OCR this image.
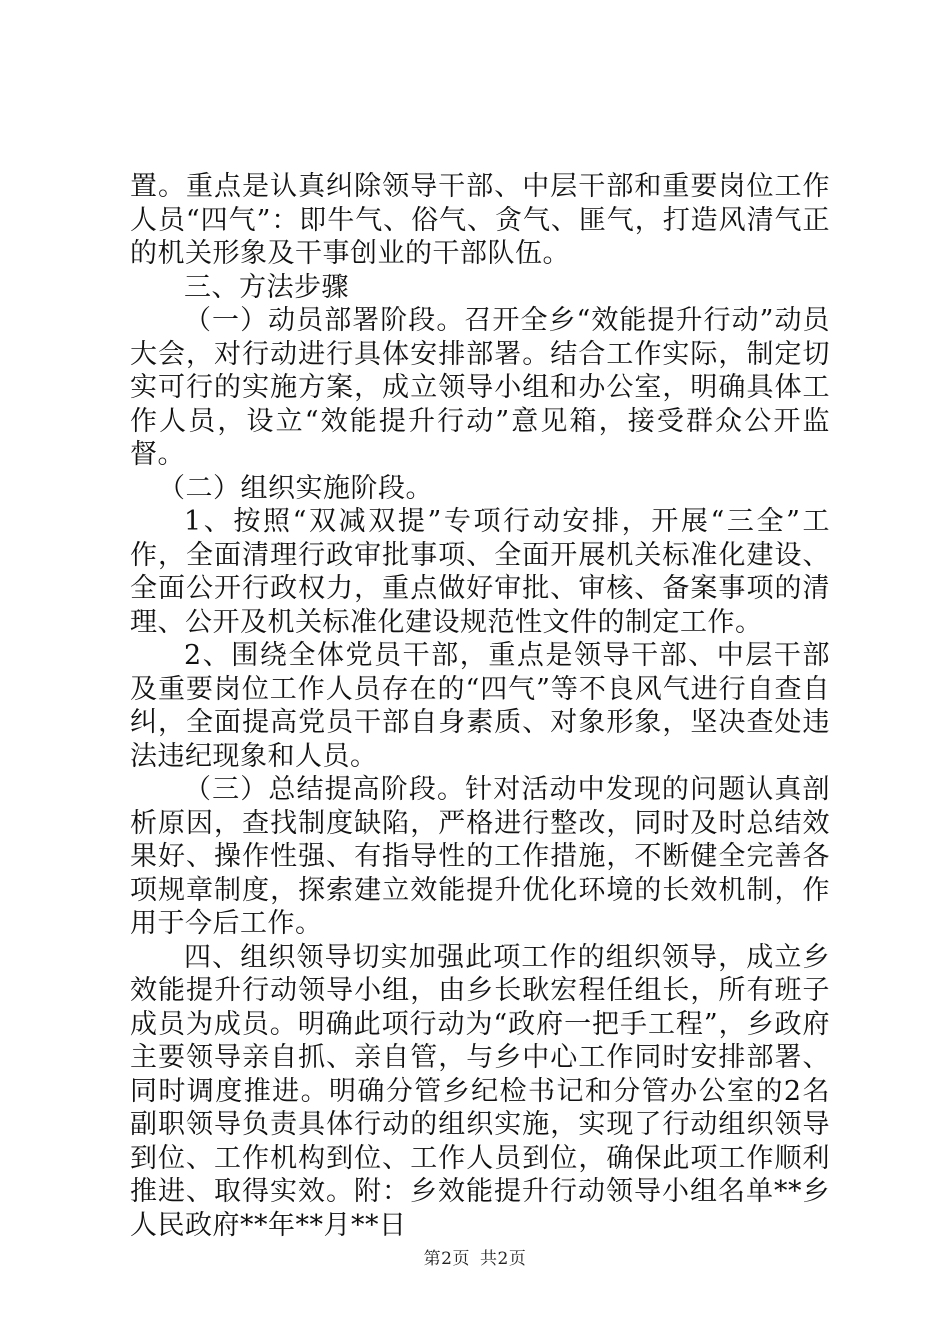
置。重点是认真纠除领导干部、中层干部和重要岗位工作人员“四气”：即牛气、俗气、贪气、匪气，打造风清气正的机关形象及干事创业的干部队伍。

三、方法步骤

（一）动员部署阶段。召开全乡“效能提升行动”动员大会，对行动进行具体安排部署。结合工作实际，制定切实可行的实施方案，成立领导小组和办公室，明确具体工作人员，设立“效能提升行动”意见箱，接受群众公开监督。

（二）组织实施阶段。

1、按照“双减双提”专项行动安排，开展“三全”工作，全面清理行政审批事项、全面开展机关标准化建设、全面公开行政权力，重点做好审批、审核、备案事项的清理、公开及机关标准化建设规范性文件的制定工作。

2、围绕全体党员干部，重点是领导干部、中层干部及重要岗位工作人员存在的“四气”等不良风气进行自查自纠，全面提高党员干部自身素质、对象形象，坚决查处违法违纪现象和人员。

（三）总结提高阶段。针对活动中发现的问题认真剖析原因，查找制度缺陷，严格进行整改，同时及时总结效果好、操作性强、有指导性的工作措施，不断健全完善各项规章制度，探索建立效能提升优化环境的长效机制，作用于今后工作。

四、组织领导切实加强此项工作的组织领导，成立乡效能提升行动领导小组，由乡长耿宏程任组长，所有班子成员为成员。明确此项行动为“政府一把手工程”，乡政府主要领导亲自抓、亲自管，与乡中心工作同时安排部署、同时调度推进。明确分管乡纪检书记和分管办公室的2名副职领导负责具体行动的组织实施，实现了行动组织领导到位、工作机构到位、工作人员到位，确保此项工作顺利推进、取得实效。附：乡效能提升行动领导小组名单**乡人民政府**年**月**日

第2页 共2页
